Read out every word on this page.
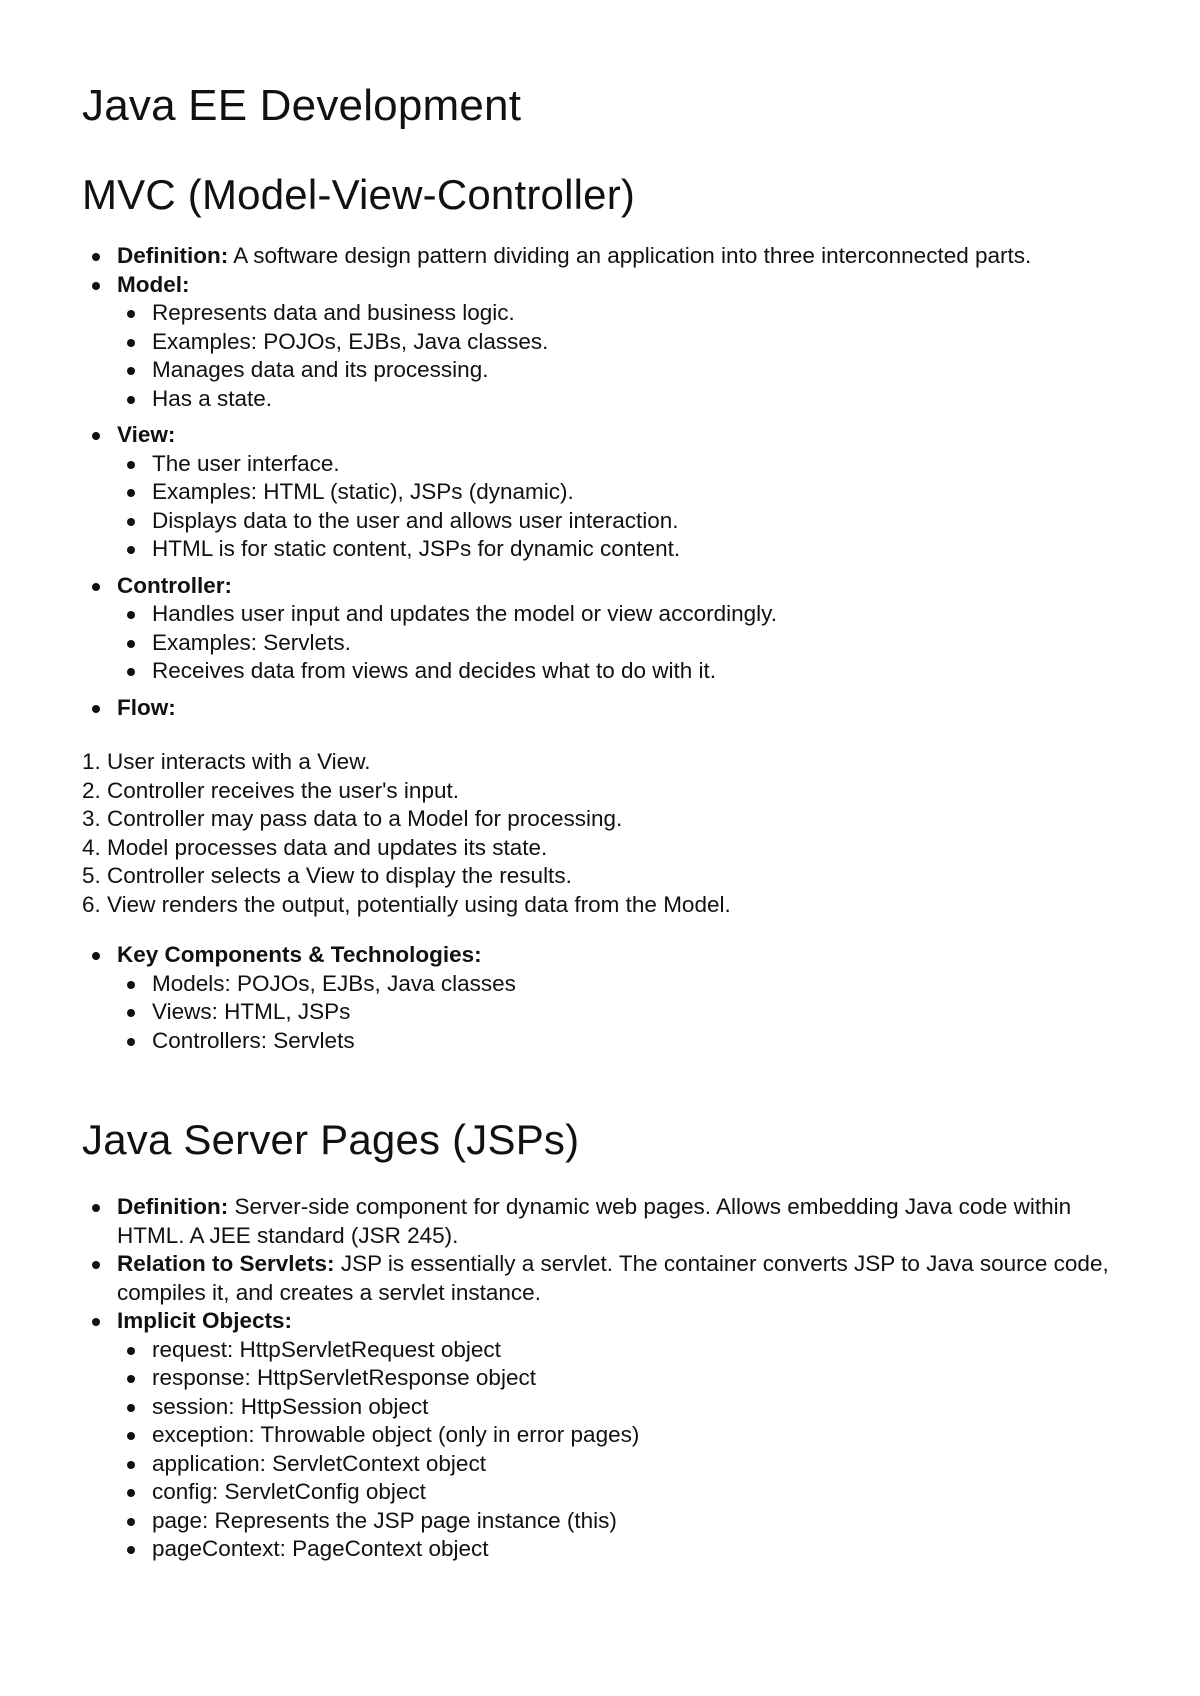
Java EE Development
MVC (Model-View-Controller)
Definition: A software design pattern dividing an application into three interconnected parts.
Model:
Represents data and business logic.
Examples: POJOs, EJBs, Java classes.
Manages data and its processing.
Has a state.
View:
The user interface.
Examples: HTML (static), JSPs (dynamic).
Displays data to the user and allows user interaction.
HTML is for static content, JSPs for dynamic content.
Controller:
Handles user input and updates the model or view accordingly.
Examples: Servlets.
Receives data from views and decides what to do with it.
Flow:
1. User interacts with a View.
2. Controller receives the user's input.
3. Controller may pass data to a Model for processing.
4. Model processes data and updates its state.
5. Controller selects a View to display the results.
6. View renders the output, potentially using data from the Model.
Key Components & Technologies:
Models: POJOs, EJBs, Java classes
Views: HTML, JSPs
Controllers: Servlets
Java Server Pages (JSPs)
Definition: Server-side component for dynamic web pages. Allows embedding Java code within HTML. A JEE standard (JSR 245).
Relation to Servlets: JSP is essentially a servlet. The container converts JSP to Java source code, compiles it, and creates a servlet instance.
Implicit Objects:
request: HttpServletRequest object
response: HttpServletResponse object
session: HttpSession object
exception: Throwable object (only in error pages)
application: ServletContext object
config: ServletConfig object
page: Represents the JSP page instance (this)
pageContext: PageContext object
